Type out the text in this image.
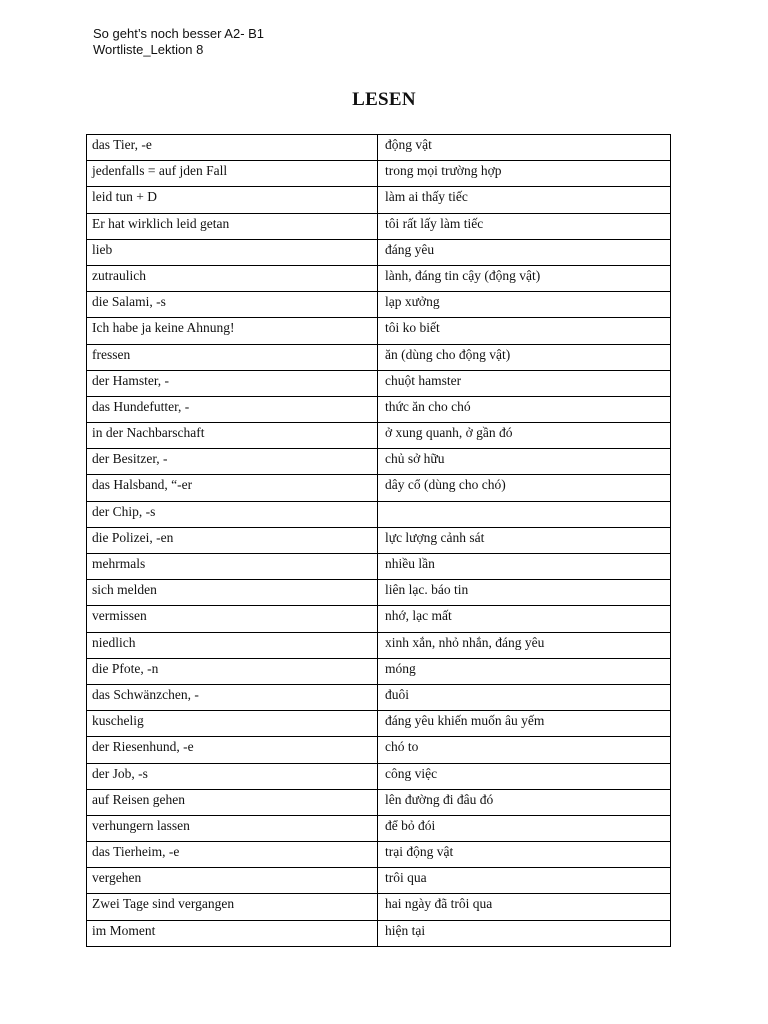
So geht’s noch besser A2- B1
Wortliste_Lektion 8
LESEN
das Tier, -e	động vật
jedenfalls = auf jden Fall	trong mọi trường hợp
leid tun + D	làm ai thấy tiếc
Er hat wirklich leid getan	tôi rất lấy làm tiếc
lieb	đáng yêu
zutraulich	lành, đáng tin cậy (động vật)
die Salami, -s	lạp xưởng
Ich habe ja keine Ahnung!	tôi ko biết
fressen	ăn (dùng cho động vật)
der Hamster, -	chuột hamster
das Hundefutter, -	thức ăn cho chó
in der Nachbarschaft	ở xung quanh, ở gần đó
der Besitzer, -	chủ sở hữu
das Halsband, “-er	dây cổ (dùng cho chó)
der Chip, -s	
die Polizei, -en	lực lượng cảnh sát
mehrmals	nhiều lần
sich melden	liên lạc. báo tin
vermissen	nhớ, lạc mất
niedlich	xinh xắn, nhỏ nhắn, đáng yêu
die Pfote, -n	móng
das Schwänzchen, -	đuôi
kuschelig	đáng yêu khiến muốn âu yếm
der Riesenhund, -e	chó to
der Job, -s	công việc
auf Reisen gehen	lên đường đi đâu đó
verhungern lassen	để bỏ đói
das Tierheim, -e	trại động vật
vergehen	trôi qua
Zwei Tage sind vergangen	hai ngày đã trôi qua
im Moment	hiện tại
